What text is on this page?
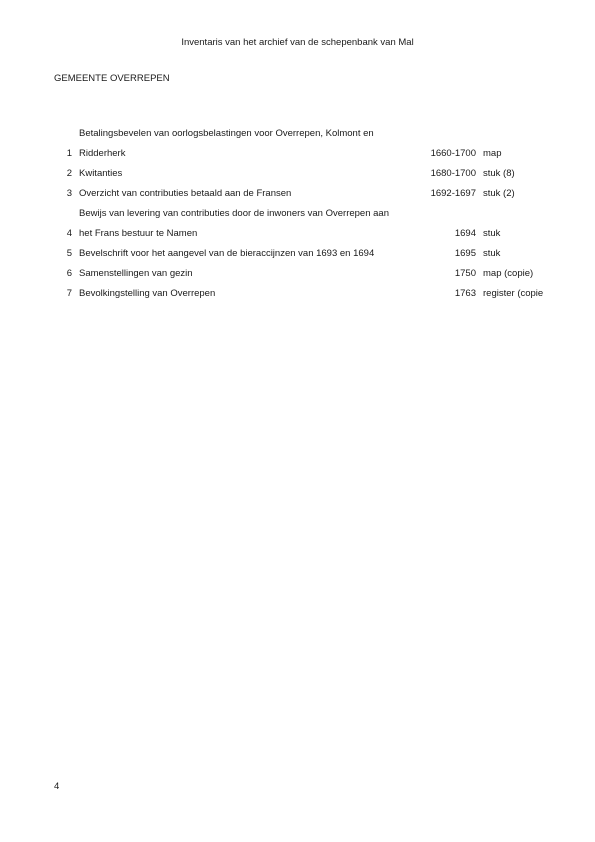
Inventaris van het archief van de schepenbank van Mal
GEMEENTE OVERREPEN
Betalingsbevelen van oorlogsbelastingen voor Overrepen, Kolmont en
1 Ridderherk	1660-1700 map
2 Kwitanties	1680-1700 stuk (8)
3 Overzicht van contributies betaald aan de Fransen	1692-1697 stuk (2)
Bewijs van levering van contributies door de inwoners van Overrepen aan
4 het Frans bestuur te Namen	1694 stuk
5 Bevelschrift voor het aangevel van de bieraccijnzen van 1693 en 1694	1695 stuk
6 Samenstellingen van gezin	1750 map (copie)
7 Bevolkingstelling van Overrepen	1763 register (copie
4
